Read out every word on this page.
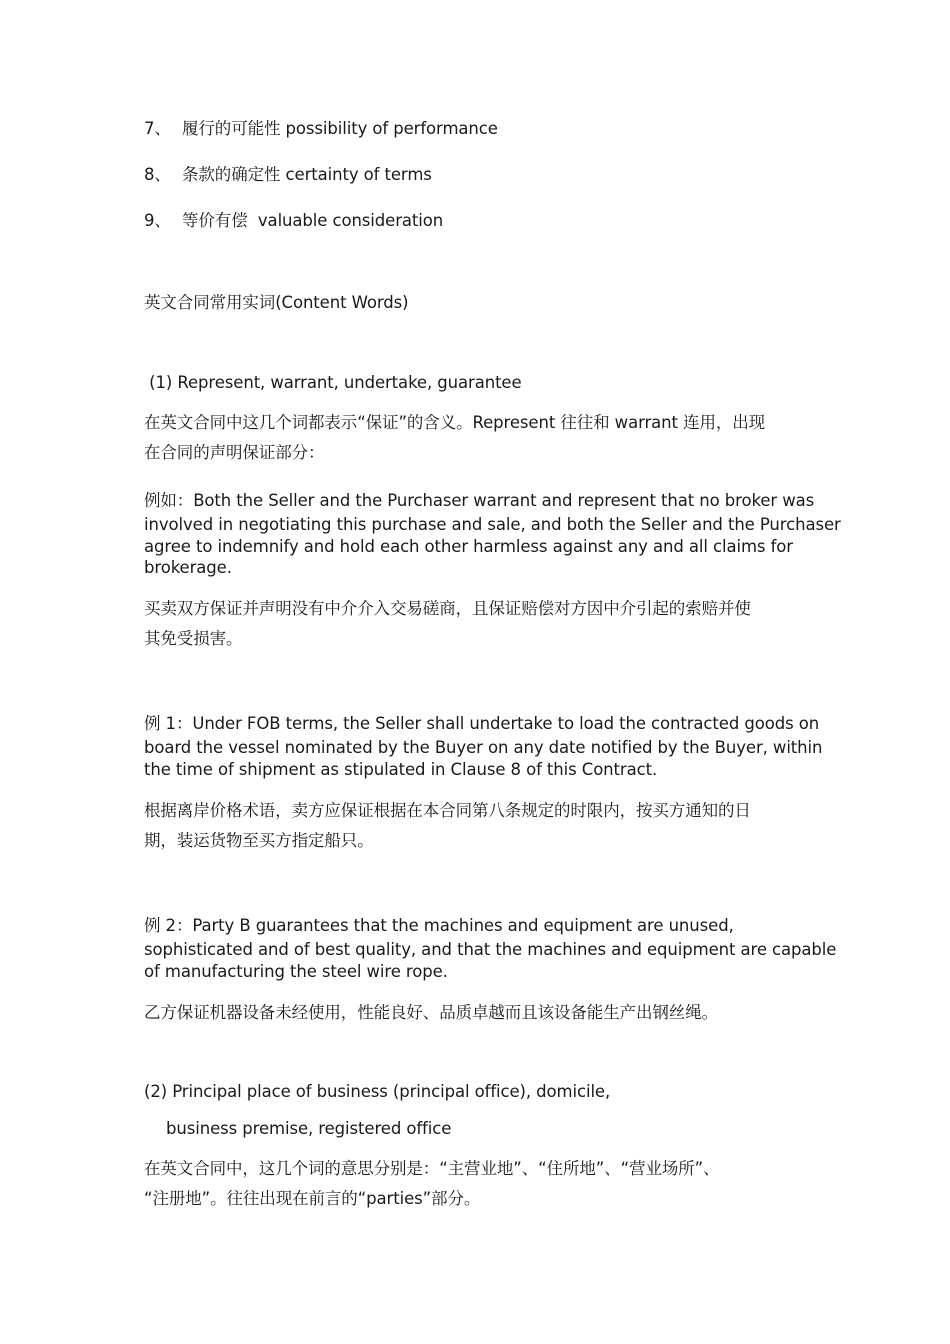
7、 履行的可能性 possibility of performance
8、 条款的确定性 certainty of terms
9、 等价有偿  valuable consideration
英文合同常用实词(Content Words)
(1) Represent, warrant, undertake, guarantee
在英文合同中这几个词都表示“保证”的含义。Represent 往往和 warrant 连用，出现
在合同的声明保证部分：
例如：Both the Seller and the Purchaser warrant and represent that no broker was
involved in negotiating this purchase and sale, and both the Seller and the Purchaser
agree to indemnify and hold each other harmless against any and all claims for
brokerage.
买卖双方保证并声明没有中介介入交易磋商，且保证赔偿对方因中介引起的索赔并使
其免受损害。
例 1：Under FOB terms, the Seller shall undertake to load the contracted goods on
board the vessel nominated by the Buyer on any date notified by the Buyer, within
the time of shipment as stipulated in Clause 8 of this Contract.
根据离岸价格术语，卖方应保证根据在本合同第八条规定的时限内，按买方通知的日
期，装运货物至买方指定船只。
例 2：Party B guarantees that the machines and equipment are unused,
sophisticated and of best quality, and that the machines and equipment are capable
of manufacturing the steel wire rope.
乙方保证机器设备未经使用，性能良好、品质卓越而且该设备能生产出钢丝绳。
(2) Principal place of business (principal office), domicile,
business premise, registered office
在英文合同中，这几个词的意思分别是：“主营业地”、“住所地”、“营业场所”、
“注册地”。往往出现在前言的“parties”部分。
